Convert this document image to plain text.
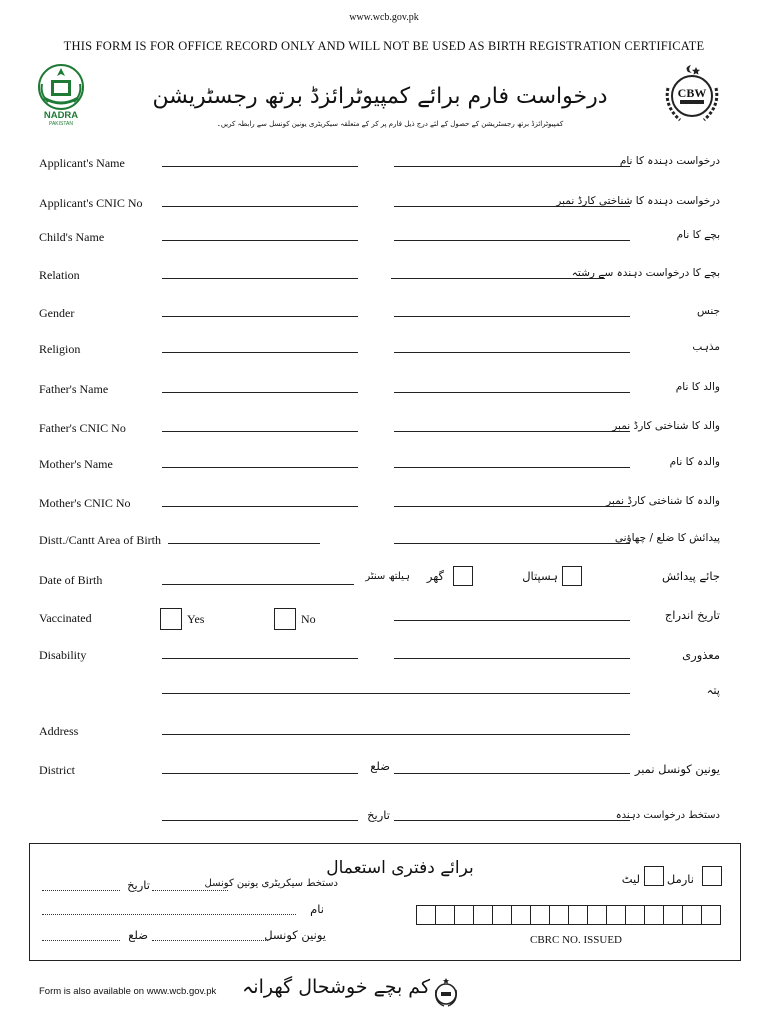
www.wcb.gov.pk
THIS FORM IS FOR OFFICE RECORD ONLY AND WILL NOT BE USED AS BIRTH REGISTRATION CERTIFICATE
NADRA
PAKISTAN
درخواست فارم برائے کمپیوٹرائزڈ برتھ رجسٹریشن
کمپیوٹرائزڈ برتھ رجسٹریشن کے حصول کے لئے درج ذیل فارم پر کر کے متعلقہ سیکریٹری یونین کونسل سے رابطہ کریں۔
CBW
Applicant's Name	درخواست دہندہ کا نام
Applicant's CNIC No	درخواست دہندہ کا شناختی کارڈ نمبر
Child's Name	بچے کا نام
Relation	بچے کا درخواست دہندہ سے رشتہ
Gender	جنس
Religion	مذہب
Father's Name	والد کا نام
Father's CNIC No	والد کا شناختی کارڈ نمبر
Mother's Name	والدہ کا نام
Mother's CNIC No	والدہ کا شناختی کارڈ نمبر
Distt./Cantt Area of Birth	پیدائش کا ضلع / چھاؤنی
Date of Birth	ہیلتھ سنٹر	گھر	ہسپتال	جائے پیدائش
Vaccinated	Yes	No	تاریخ اندراج
Disability	معذوری
پتہ
Address
District	ضلع	یونین کونسل نمبر
تاریخ	دستخط درخواست دہندہ
برائے دفتری استعمال
نارمل
لیٹ
تاریخ	دستخط سیکریٹری یونین کونسل
نام
ضلع	یونین کونسل	CBRC NO. ISSUED
Form is also available on www.wcb.gov.pk کم بچے خوشحال گھرانہ
